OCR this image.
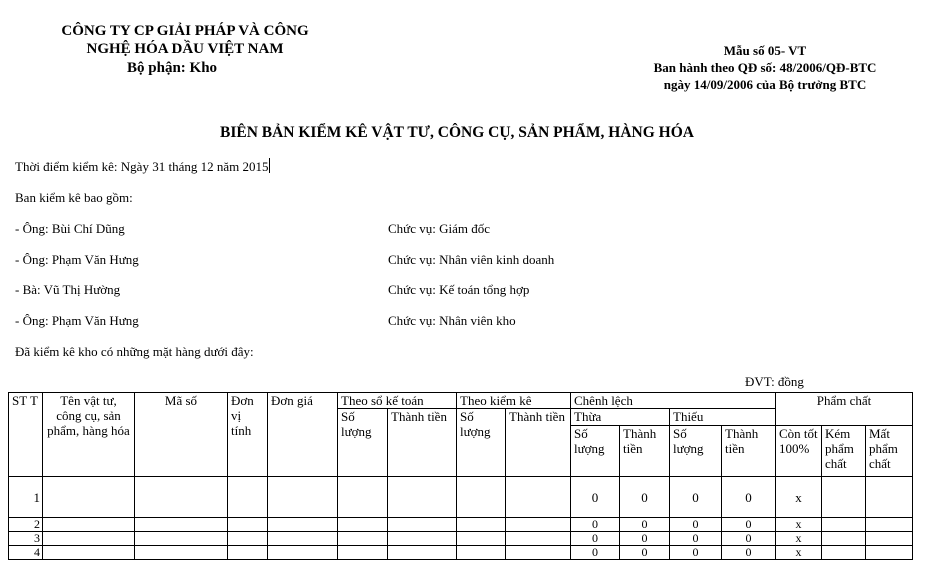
CÔNG TY CP GIẢI PHÁP VÀ CÔNG
NGHỆ HÓA DẦU VIỆT NAM
Bộ phận: Kho
Mẫu số 05- VT
Ban hành theo QĐ số: 48/2006/QĐ-BTC
ngày 14/09/2006 của Bộ trưởng BTC
BIÊN BẢN KIỂM KÊ VẬT TƯ, CÔNG CỤ, SẢN PHẨM, HÀNG HÓA
Thời điểm kiểm kê: Ngày 31 tháng 12 năm 2015
Ban kiểm kê bao gồm:
- Ông: Bùi Chí Dũng	Chức vụ: Giám đốc
- Ông: Phạm Văn Hưng	Chức vụ: Nhân viên kinh doanh
- Bà: Vũ Thị Hường	Chức vụ: Kế toán tổng hợp
- Ông: Phạm Văn Hưng	Chức vụ: Nhân viên kho
Đã kiểm kê kho có những mặt hàng dưới đây:
ĐVT: đồng
ST T	Tên vật tư, công cụ, sản phẩm, hàng hóa	Mã số	Đơn vị tính	Đơn giá	Theo sổ kế toán		Theo kiểm kê		Chênh lệch				Phẩm chất		
					Số lượng	Thành tiền	Số lượng	Thành tiền	Thừa		Thiếu				
									Số lượng	Thành tiền	Số lượng	Thành tiền	Còn tốt 100%	Kém phẩm chất	Mất phẩm chất
1									0	0	0	0	x		
2									0	0	0	0	x		
3									0	0	0	0	x		
4									0	0	0	0	x		
